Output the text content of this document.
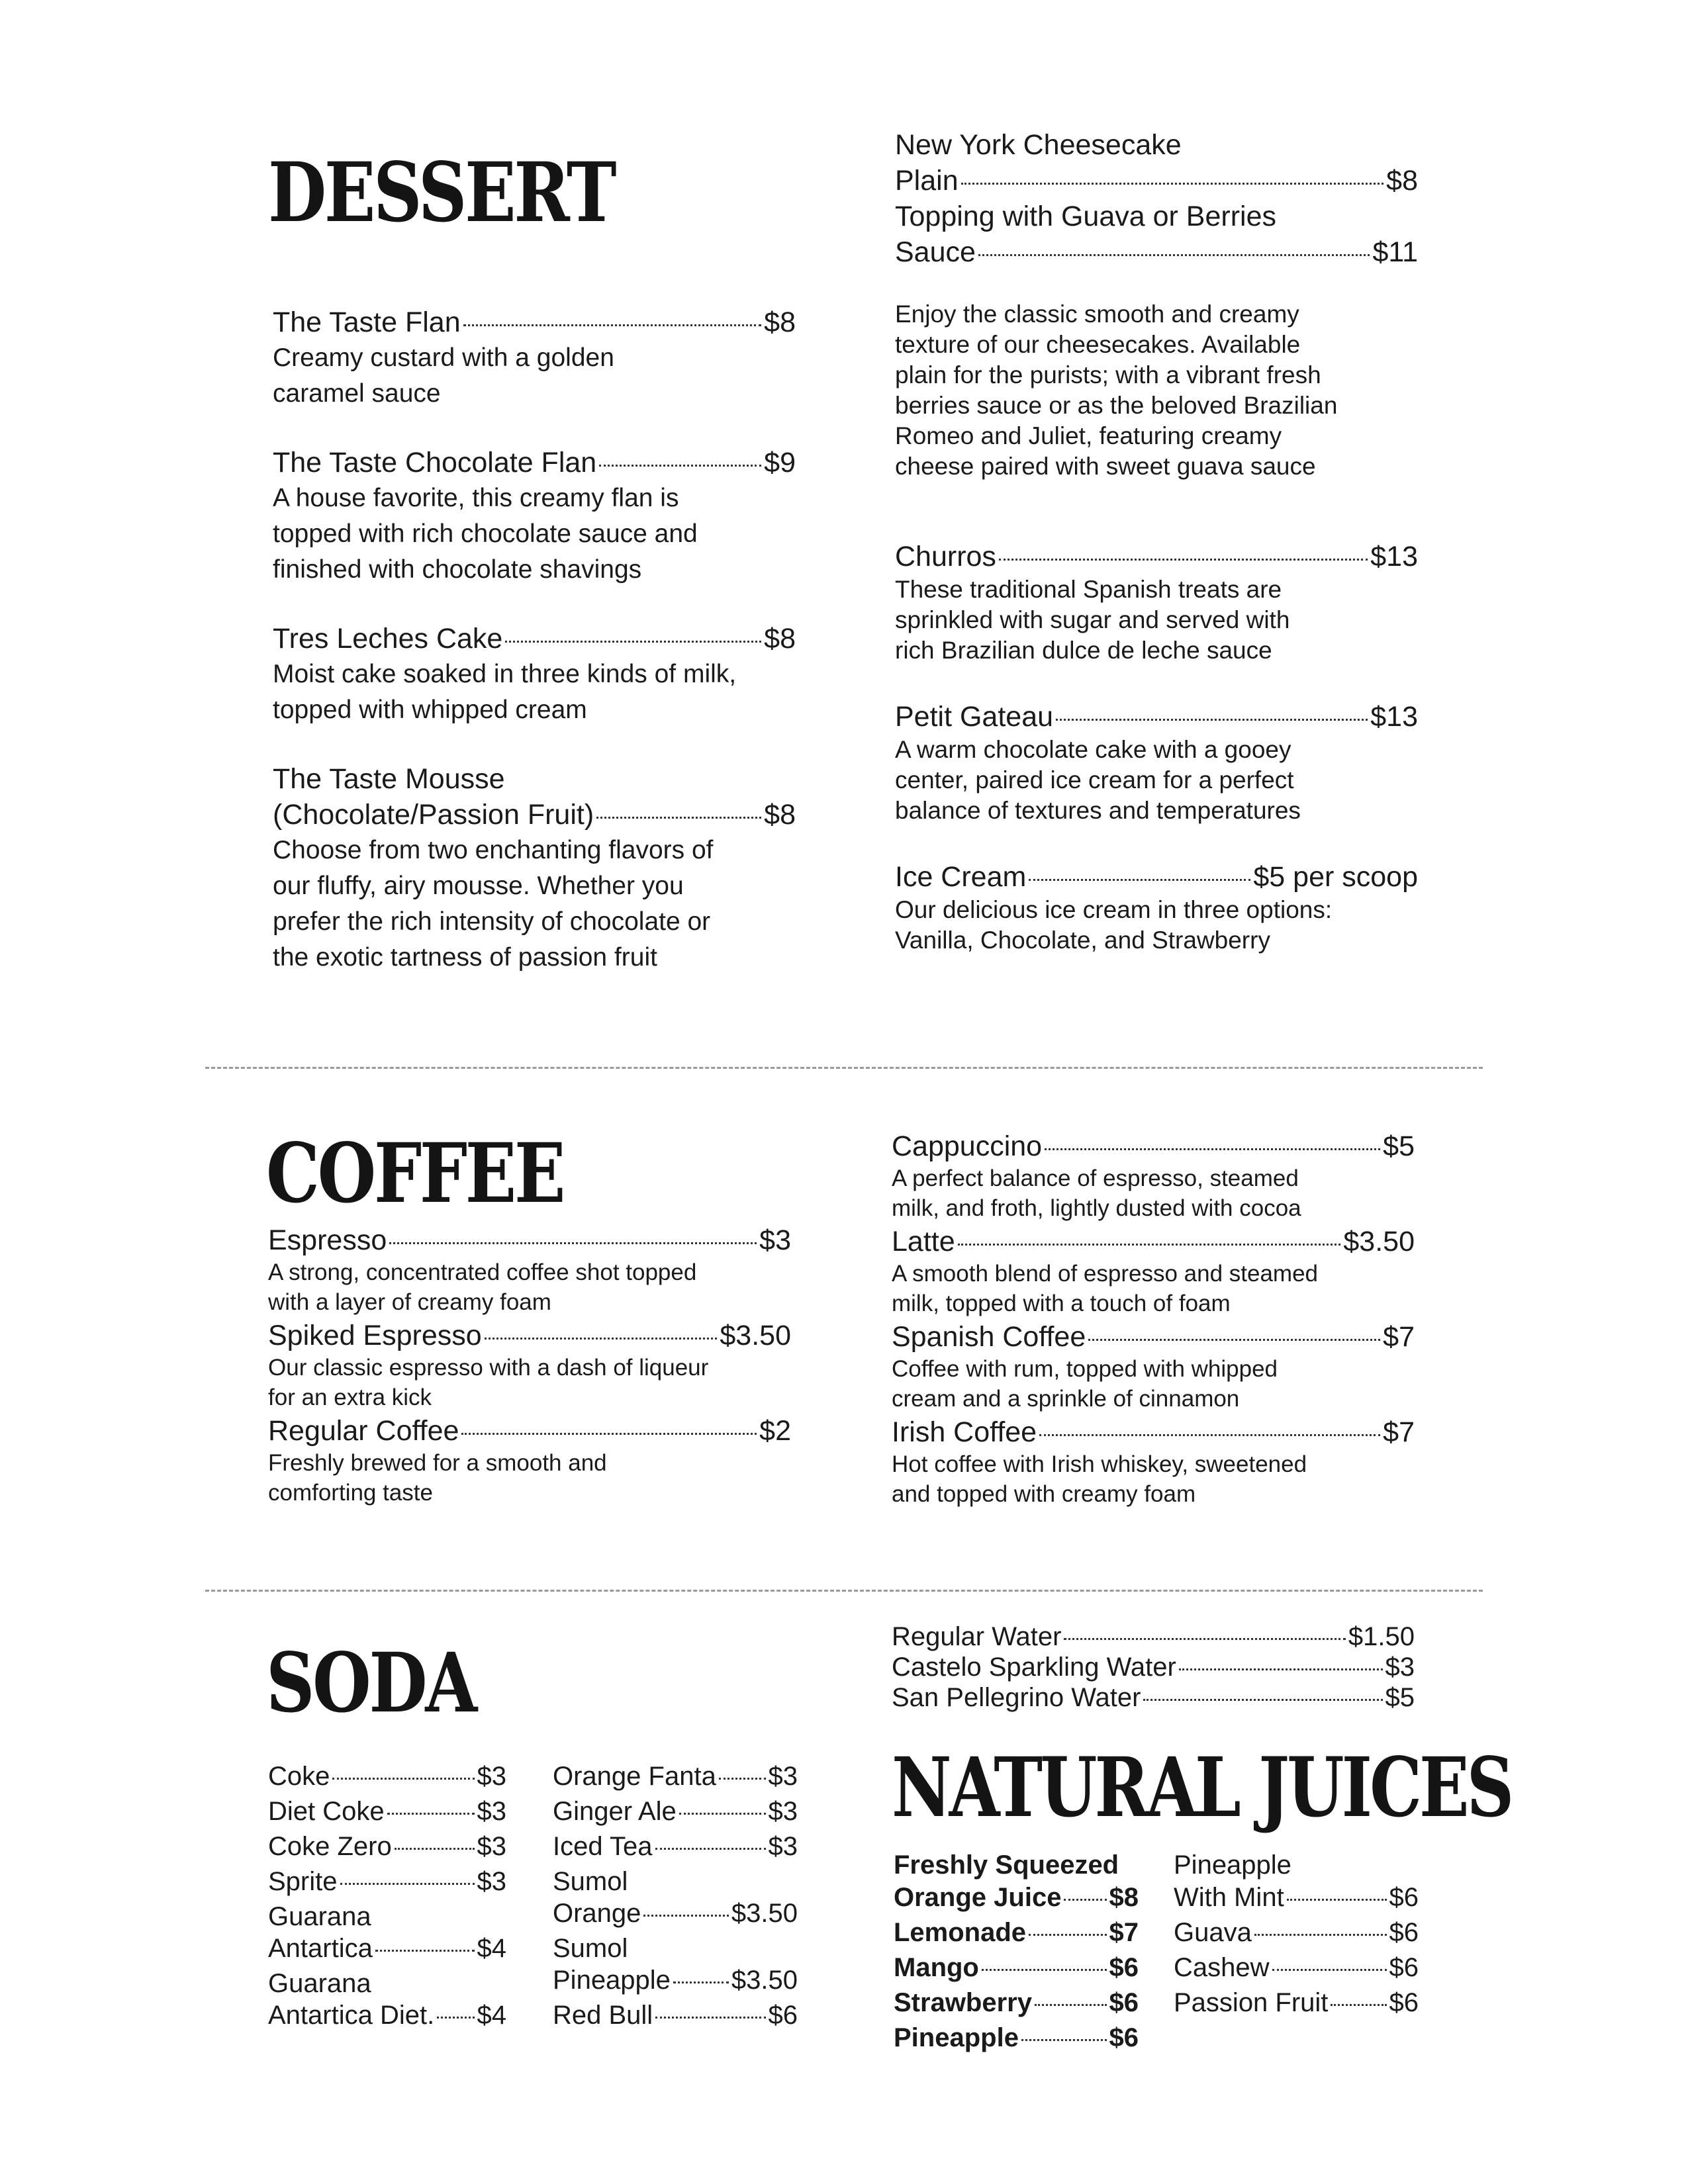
DESSERT
The Taste Flan	$8
Creamy custard with a golden
caramel sauce
The Taste Chocolate Flan	$9
A house favorite, this creamy flan is
topped with rich chocolate sauce and
finished with chocolate shavings
Tres Leches Cake	$8
Moist cake soaked in three kinds of milk,
topped with whipped cream
The Taste Mousse
(Chocolate/Passion Fruit)	$8
Choose from two enchanting flavors of
our fluffy, airy mousse. Whether you
prefer the rich intensity of chocolate or
the exotic tartness of passion fruit
New York Cheesecake
Plain	$8
Topping with Guava or Berries
Sauce	$11
Enjoy the classic smooth and creamy
texture of our cheesecakes. Available
plain for the purists; with a vibrant fresh
berries sauce or as the beloved Brazilian
Romeo and Juliet, featuring creamy
cheese paired with sweet guava sauce
Churros	$13
These traditional Spanish treats are
sprinkled with sugar and served with
rich Brazilian dulce de leche sauce
Petit Gateau	$13
A warm chocolate cake with a gooey
center, paired ice cream for a perfect
balance of textures and temperatures
Ice Cream	$5 per scoop
Our delicious ice cream in three options:
Vanilla, Chocolate, and Strawberry
COFFEE
Espresso	$3
A strong, concentrated coffee shot topped
with a layer of creamy foam
Spiked Espresso	$3.50
Our classic espresso with a dash of liqueur
for an extra kick
Regular Coffee	$2
Freshly brewed for a smooth and
comforting taste
Cappuccino	$5
A perfect balance of espresso, steamed
milk, and froth, lightly dusted with cocoa
Latte	$3.50
A smooth blend of espresso and steamed
milk, topped with a touch of foam
Spanish Coffee	$7
Coffee with rum, topped with whipped
cream and a sprinkle of cinnamon
Irish Coffee	$7
Hot coffee with Irish whiskey, sweetened
and topped with creamy foam
SODA
Coke	$3
Diet Coke	$3
Coke Zero	$3
Sprite	$3
Guarana
Antartica	$4
Guarana
Antartica Diet. $4
Orange Fanta $3
Ginger Ale	$3
Iced Tea	$3
Sumol
Orange	$3.50
Sumol
Pineapple $3.50
Red Bull	$6
Regular Water	$1.50
Castelo Sparkling Water	$3
San Pellegrino Water	$5
NATURAL JUICES
Freshly Squeezed
Orange Juice $8
Lemonade	$7
Mango	$6
Strawberry	$6
Pineapple	$6
Pineapple
With Mint	$6
Guava	$6
Cashew	$6
Passion Fruit $6
